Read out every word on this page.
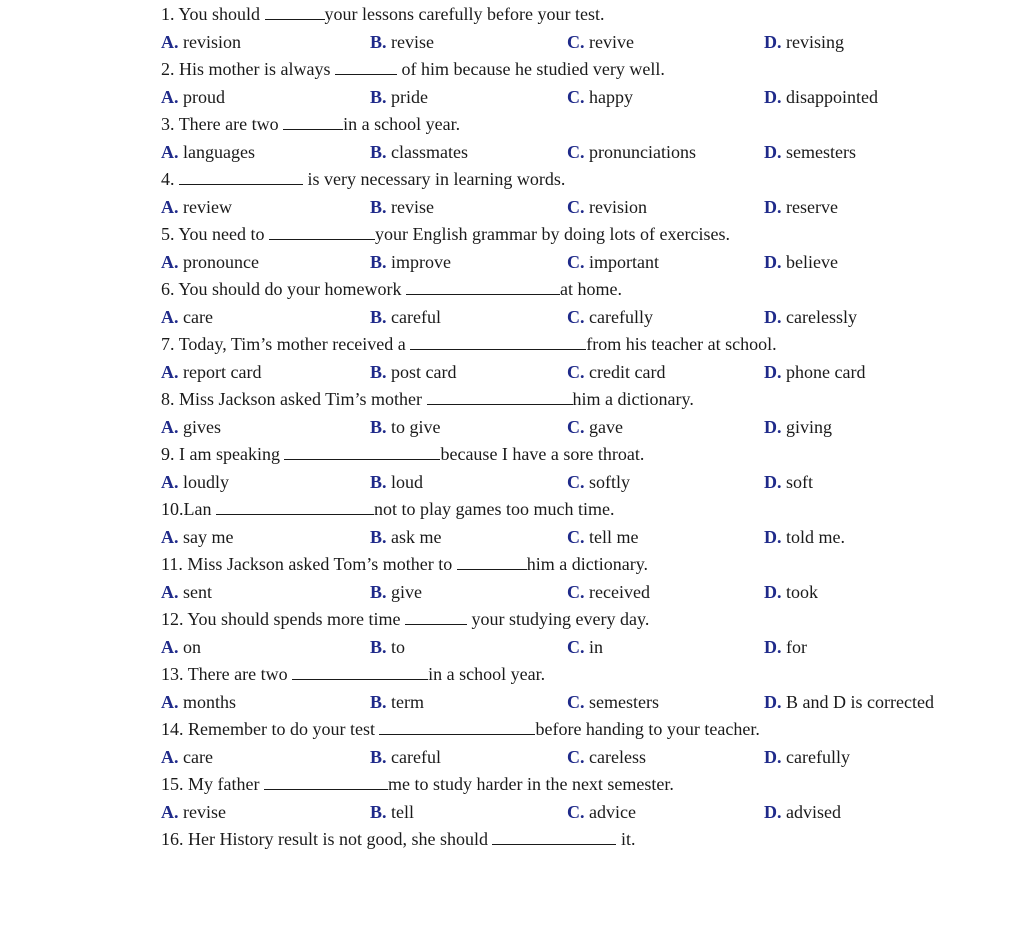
1. You should	your lessons carefully before your test.
A. revision	B. revise	C. revive	D. revising
2. His mother is always	of him because he studied very well.
A. proud	B. pride	C. happy	D. disappointed
3. There are two	in a school year.
A. languages	B. classmates	C. pronunciations	D. semesters
4.	is very necessary in learning words.
A. review	B. revise	C. revision	D. reserve
5. You need to	your English grammar by doing lots of exercises.
A. pronounce	B. improve	C. important	D. believe
6. You should do your homework	at home.
A. care	B. careful	C. carefully	D. carelessly
7. Today, Tim’s mother received a	from his teacher at school.
A. report card	B. post card	C. credit card	D. phone card
8. Miss Jackson asked Tim’s mother	him a dictionary.
A. gives	B. to give	C. gave	D. giving
9. I am speaking	because I have a sore throat.
A. loudly	B. loud	C. softly	D. soft
10.Lan	not to play games too much time.
A. say me	B. ask me	C. tell me	D. told me.
11. Miss Jackson asked Tom’s mother to	him a dictionary.
A. sent	B. give	C. received	D. took
12. You should spends more time	your studying every day.
A. on	B. to	C. in	D. for
13. There are two	in a school year.
A. months	B. term	C. semesters	D. B and D is corrected
14. Remember to do your test	before handing to your teacher.
A. care	B. careful	C. careless	D. carefully
15. My father	me to study harder in the next semester.
A. revise	B. tell	C. advice	D. advised
16. Her History result is not good, she should	it.
